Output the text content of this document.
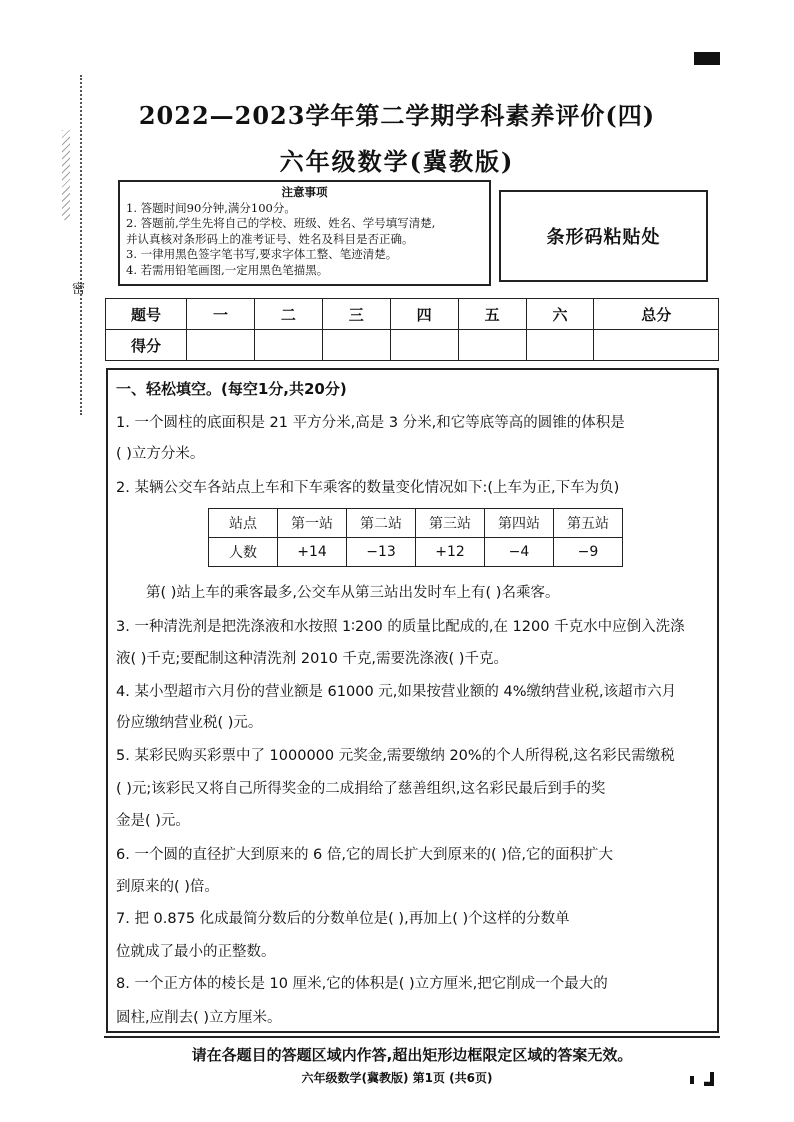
密
2022—2023学年第二学期学科素养评价(四)
六年级数学(冀教版)
注意事项
1. 答题时间90分钟,满分100分。
2. 答题前,学生先将自己的学校、班级、姓名、学号填写清楚,
并认真核对条形码上的准考证号、姓名及科目是否正确。
3. 一律用黑色签字笔书写,要求字体工整、笔迹清楚。
4. 若需用铅笔画图,一定用黑色笔描黑。
条形码粘贴处
题号	一	二	三	四	五	六	总分
得分							
一、轻松填空。(每空1分,共20分)
1. 一个圆柱的底面积是 21 平方分米,高是 3 分米,和它等底等高的圆锥的体积是
( )立方分米。
2. 某辆公交车各站点上车和下车乘客的数量变化情况如下:(上车为正,下车为负)
站点	第一站	第二站	第三站	第四站	第五站
人数	+14	−13	+12	−4	−9
第( )站上车的乘客最多,公交车从第三站出发时车上有( )名乘客。
3. 一种清洗剂是把洗涤液和水按照 1∶200 的质量比配成的,在 1200 千克水中应倒入洗涤
液( )千克;要配制这种清洗剂 2010 千克,需要洗涤液( )千克。
4. 某小型超市六月份的营业额是 61000 元,如果按营业额的 4%缴纳营业税,该超市六月
份应缴纳营业税( )元。
5. 某彩民购买彩票中了 1000000 元奖金,需要缴纳 20%的个人所得税,这名彩民需缴税
( )元;该彩民又将自己所得奖金的二成捐给了慈善组织,这名彩民最后到手的奖
金是( )元。
6. 一个圆的直径扩大到原来的 6 倍,它的周长扩大到原来的( )倍,它的面积扩大
到原来的( )倍。
7. 把 0.875 化成最简分数后的分数单位是( ),再加上( )个这样的分数单
位就成了最小的正整数。
8. 一个正方体的棱长是 10 厘米,它的体积是( )立方厘米,把它削成一个最大的
圆柱,应削去( )立方厘米。
请在各题目的答题区域内作答,超出矩形边框限定区域的答案无效。
六年级数学(冀教版) 第1页 (共6页)
